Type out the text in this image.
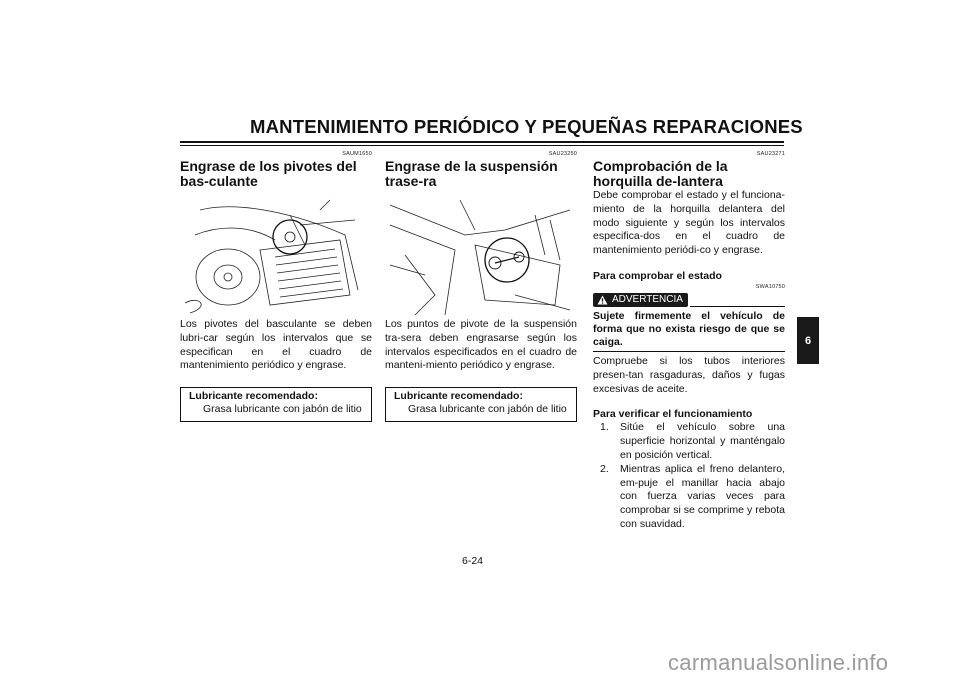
MANTENIMIENTO PERIÓDICO Y PEQUEÑAS REPARACIONES
SAUM1650
Engrase de los pivotes del bas-culante

Los pivotes del basculante se deben lubri-car según los intervalos que se especifican en el cuadro de mantenimiento periódico y engrase.

Lubricante recomendado:
Grasa lubricante con jabón de litio
SAU23250
Engrase de la suspensión trase-ra

Los puntos de pivote de la suspensión tra-sera deben engrasarse según los intervalos especificados en el cuadro de manteni-miento periódico y engrase.

Lubricante recomendado:
Grasa lubricante con jabón de litio
SAU23271
Comprobación de la horquilla de-lantera

Debe comprobar el estado y el funciona-miento de la horquilla delantera del modo siguiente y según los intervalos especifica-dos en el cuadro de mantenimiento periódi-co y engrase.

Para comprobar el estado
SWA10750
ADVERTENCIA
Sujete firmemente el vehículo de forma que no exista riesgo de que se caiga.

Compruebe si los tubos interiores presen-tan rasgaduras, daños y fugas excesivas de aceite.

Para verificar el funcionamiento
1.	Sitúe el vehículo sobre una superficie horizontal y manténgalo en posición vertical.
2.	Mientras aplica el freno delantero, em-puje el manillar hacia abajo con fuerza varias veces para comprobar si se comprime y rebota con suavidad.
6
6-24
carmanualsonline.info
